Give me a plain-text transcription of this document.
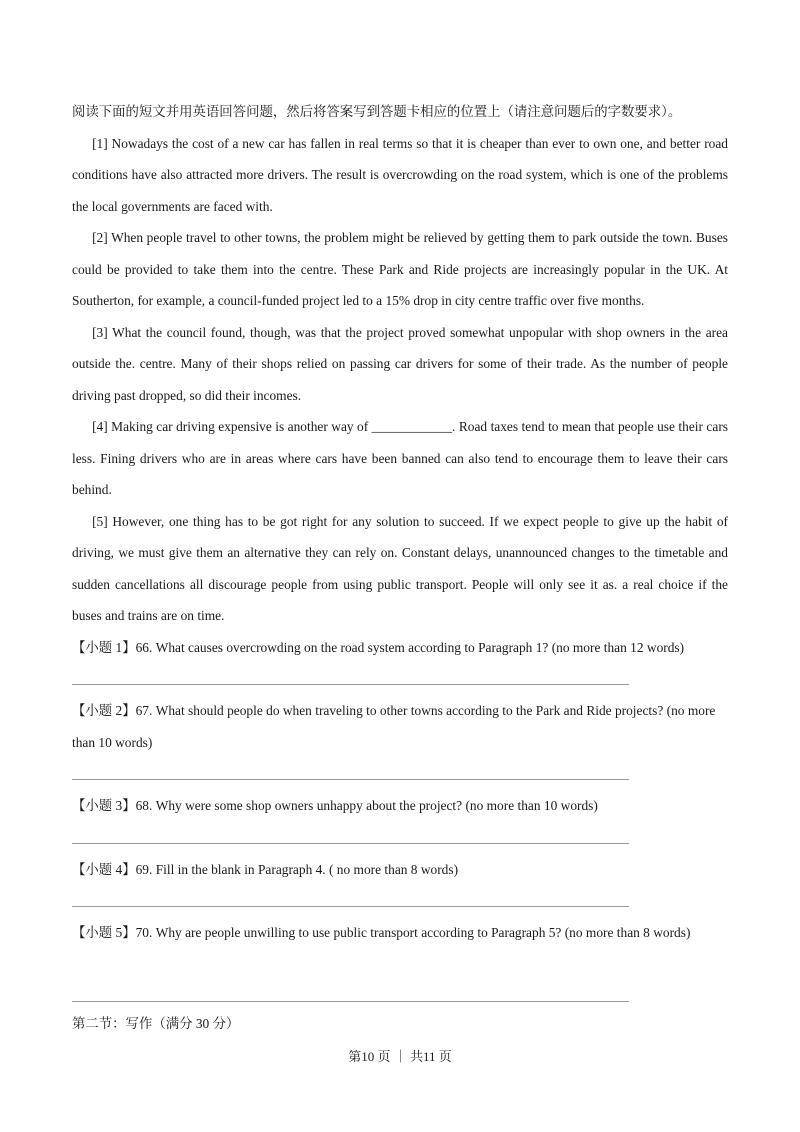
阅读下面的短文并用英语回答问题，然后将答案写到答题卡相应的位置上（请注意问题后的字数要求）。

[1] Nowadays the cost of a new car has fallen in real terms so that it is cheaper than ever to own one, and better road conditions have also attracted more drivers. The result is overcrowding on the road system, which is one of the problems the local governments are faced with.

[2] When people travel to other towns, the problem might be relieved by getting them to park outside the town. Buses could be provided to take them into the centre. These Park and Ride projects are increasingly popular in the UK. At Southerton, for example, a council-funded project led to a 15% drop in city centre traffic over five months.

[3] What the council found, though, was that the project proved somewhat unpopular with shop owners in the area outside the. centre. Many of their shops relied on passing car drivers for some of their trade. As the number of people driving past dropped, so did their incomes.

[4] Making car driving expensive is another way of ____________. Road taxes tend to mean that people use their cars less. Fining drivers who are in areas where cars have been banned can also tend to encourage them to leave their cars behind.

[5] However, one thing has to be got right for any solution to succeed. If we expect people to give up the habit of driving, we must give them an alternative they can rely on. Constant delays, unannounced changes to the timetable and sudden cancellations all discourage people from using public transport. People will only see it as. a real choice if the buses and trains are on time.

【小题 1】66. What causes overcrowding on the road system according to Paragraph 1? (no more than 12 words)

【小题 2】67. What should people do when traveling to other towns according to the Park and Ride projects? (no more than 10 words)

【小题 3】68. Why were some shop owners unhappy about the project? (no more than 10 words)

【小题 4】69. Fill in the blank in Paragraph 4. ( no more than 8 words)

【小题 5】70. Why are people unwilling to use public transport according to Paragraph 5? (no more than 8 words)

第二节：写作（满分 30 分）
第10 页 ｜ 共11 页
